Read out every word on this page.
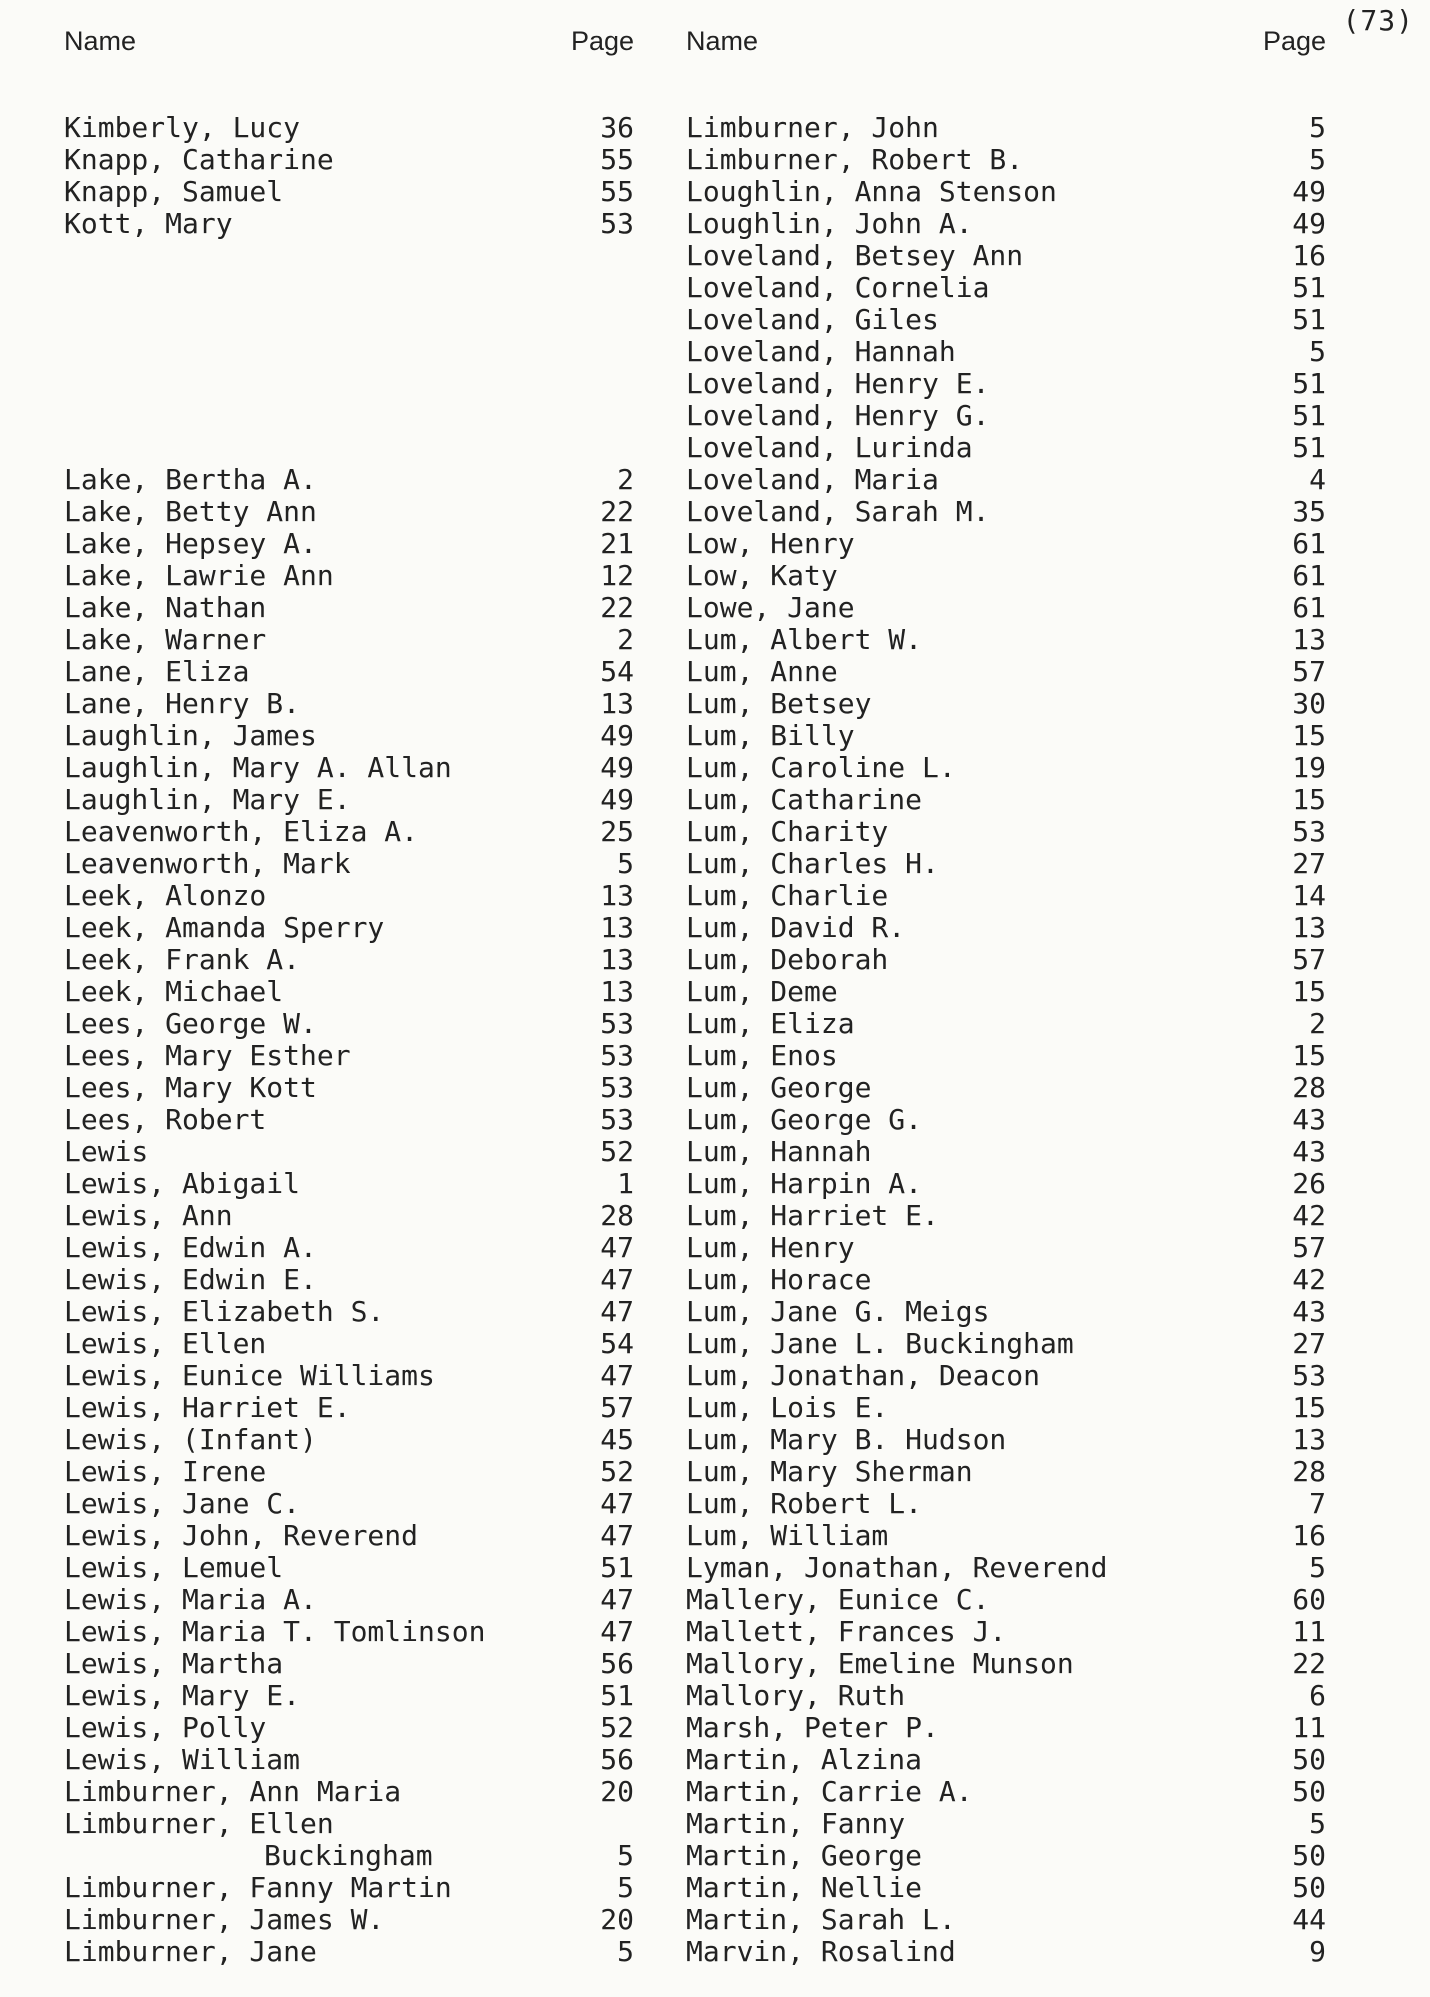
(73)
Name	Page
Kimberly, Lucy	36
Knapp, Catharine	55
Knapp, Samuel	55
Kott, Mary	53
Lake, Bertha A.	2
Lake, Betty Ann	22
Lake, Hepsey A.	21
Lake, Lawrie Ann	12
Lake, Nathan	22
Lake, Warner	2
Lane, Eliza	54
Lane, Henry B.	13
Laughlin, James	49
Laughlin, Mary A. Allan	49
Laughlin, Mary E.	49
Leavenworth, Eliza A.	25
Leavenworth, Mark	5
Leek, Alonzo	13
Leek, Amanda Sperry	13
Leek, Frank A.	13
Leek, Michael	13
Lees, George W.	53
Lees, Mary Esther	53
Lees, Mary Kott	53
Lees, Robert	53
Lewis	52
Lewis, Abigail	1
Lewis, Ann	28
Lewis, Edwin A.	47
Lewis, Edwin E.	47
Lewis, Elizabeth S.	47
Lewis, Ellen	54
Lewis, Eunice Williams	47
Lewis, Harriet E.	57
Lewis, (Infant)	45
Lewis, Irene	52
Lewis, Jane C.	47
Lewis, John, Reverend	47
Lewis, Lemuel	51
Lewis, Maria A.	47
Lewis, Maria T. Tomlinson	47
Lewis, Martha	56
Lewis, Mary E.	51
Lewis, Polly	52
Lewis, William	56
Limburner, Ann Maria	20
Limburner, Ellen
Buckingham	5
Limburner, Fanny Martin	5
Limburner, James W.	20
Limburner, Jane	5
Name	Page
Limburner, John	5
Limburner, Robert B.	5
Loughlin, Anna Stenson	49
Loughlin, John A.	49
Loveland, Betsey Ann	16
Loveland, Cornelia	51
Loveland, Giles	51
Loveland, Hannah	5
Loveland, Henry E.	51
Loveland, Henry G.	51
Loveland, Lurinda	51
Loveland, Maria	4
Loveland, Sarah M.	35
Low, Henry	61
Low, Katy	61
Lowe, Jane	61
Lum, Albert W.	13
Lum, Anne	57
Lum, Betsey	30
Lum, Billy	15
Lum, Caroline L.	19
Lum, Catharine	15
Lum, Charity	53
Lum, Charles H.	27
Lum, Charlie	14
Lum, David R.	13
Lum, Deborah	57
Lum, Deme	15
Lum, Eliza	2
Lum, Enos	15
Lum, George	28
Lum, George G.	43
Lum, Hannah	43
Lum, Harpin A.	26
Lum, Harriet E.	42
Lum, Henry	57
Lum, Horace	42
Lum, Jane G. Meigs	43
Lum, Jane L. Buckingham	27
Lum, Jonathan, Deacon	53
Lum, Lois E.	15
Lum, Mary B. Hudson	13
Lum, Mary Sherman	28
Lum, Robert L.	7
Lum, William	16
Lyman, Jonathan, Reverend	5
Mallery, Eunice C.	60
Mallett, Frances J.	11
Mallory, Emeline Munson	22
Mallory, Ruth	6
Marsh, Peter P.	11
Martin, Alzina	50
Martin, Carrie A.	50
Martin, Fanny	5
Martin, George	50
Martin, Nellie	50
Martin, Sarah L.	44
Marvin, Rosalind	9
